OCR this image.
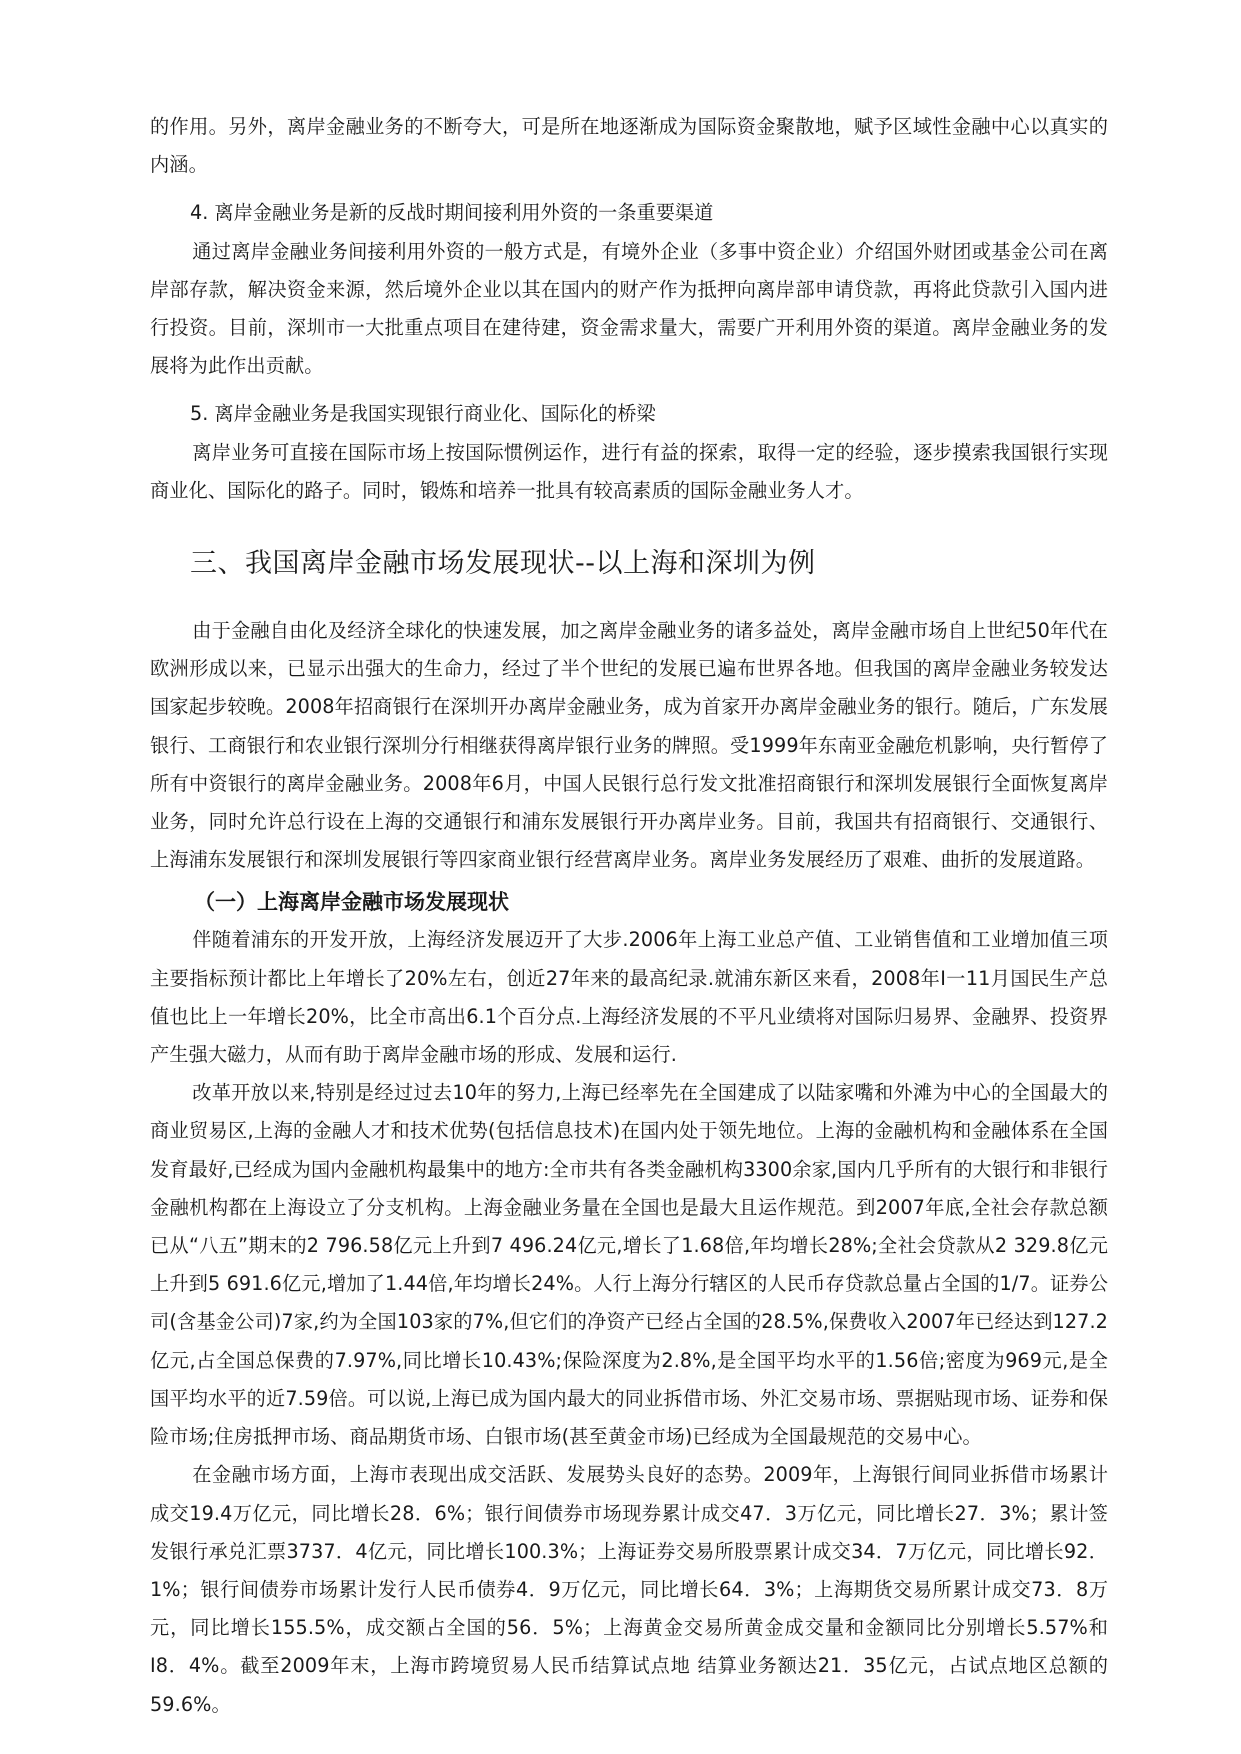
的作用。另外，离岸金融业务的不断夸大，可是所在地逐渐成为国际资金聚散地，赋予区域性金融中心以真实的内涵。

4. 离岸金融业务是新的反战时期间接利用外资的一条重要渠道

通过离岸金融业务间接利用外资的一般方式是，有境外企业（多事中资企业）介绍国外财团或基金公司在离岸部存款，解决资金来源，然后境外企业以其在国内的财产作为抵押向离岸部申请贷款，再将此贷款引入国内进行投资。目前，深圳市一大批重点项目在建待建，资金需求量大，需要广开利用外资的渠道。离岸金融业务的发展将为此作出贡献。

5. 离岸金融业务是我国实现银行商业化、国际化的桥梁

离岸业务可直接在国际市场上按国际惯例运作，进行有益的探索，取得一定的经验，逐步摸索我国银行实现商业化、国际化的路子。同时，锻炼和培养一批具有较高素质的国际金融业务人才。

三、我国离岸金融市场发展现状--以上海和深圳为例

由于金融自由化及经济全球化的快速发展，加之离岸金融业务的诸多益处，离岸金融市场自上世纪50年代在欧洲形成以来，已显示出强大的生命力，经过了半个世纪的发展已遍布世界各地。但我国的离岸金融业务较发达国家起步较晚。2008年招商银行在深圳开办离岸金融业务，成为首家开办离岸金融业务的银行。随后，广东发展银行、工商银行和农业银行深圳分行相继获得离岸银行业务的牌照。受1999年东南亚金融危机影响，央行暂停了所有中资银行的离岸金融业务。2008年6月，中国人民银行总行发文批准招商银行和深圳发展银行全面恢复离岸业务，同时允许总行设在上海的交通银行和浦东发展银行开办离岸业务。目前，我国共有招商银行、交通银行、上海浦东发展银行和深圳发展银行等四家商业银行经营离岸业务。离岸业务发展经历了艰难、曲折的发展道路。

（一）上海离岸金融市场发展现状

伴随着浦东的开发开放，上海经济发展迈开了大步.2006年上海工业总产值、工业销售值和工业增加值三项主要指标预计都比上年增长了20%左右，创近27年来的最高纪录.就浦东新区来看，2008年I一11月国民生产总值也比上一年增长20%，比全市高出6.1个百分点.上海经济发展的不平凡业绩将对国际归易界、金融界、投资界产生强大磁力，从而有助于离岸金融市场的形成、发展和运行.

改革开放以来,特别是经过过去10年的努力,上海已经率先在全国建成了以陆家嘴和外滩为中心的全国最大的商业贸易区,上海的金融人才和技术优势(包括信息技术)在国内处于领先地位。上海的金融机构和金融体系在全国发育最好,已经成为国内金融机构最集中的地方:全市共有各类金融机构3300余家,国内几乎所有的大银行和非银行金融机构都在上海设立了分支机构。上海金融业务量在全国也是最大且运作规范。到2007年底,全社会存款总额已从“八五”期末的2 796.58亿元上升到7 496.24亿元,增长了1.68倍,年均增长28%;全社会贷款从2 329.8亿元上升到5 691.6亿元,增加了1.44倍,年均增长24%。人行上海分行辖区的人民币存贷款总量占全国的1/7。证券公司(含基金公司)7家,约为全国103家的7%,但它们的净资产已经占全国的28.5%,保费收入2007年已经达到127.2亿元,占全国总保费的7.97%,同比增长10.43%;保险深度为2.8%,是全国平均水平的1.56倍;密度为969元,是全国平均水平的近7.59倍。可以说,上海已成为国内最大的同业拆借市场、外汇交易市场、票据贴现市场、证券和保险市场;住房抵押市场、商品期货市场、白银市场(甚至黄金市场)已经成为全国最规范的交易中心。

在金融市场方面，上海市表现出成交活跃、发展势头良好的态势。2009年，上海银行间同业拆借市场累计成交19.4万亿元，同比增长28．6%；银行间债券市场现券累计成交47．3万亿元，同比增长27．3%；累计签发银行承兑汇票3737．4亿元，同比增长100.3%；上海证券交易所股票累计成交34．7万亿元，同比增长92．1%；银行间债券市场累计发行人民币债券4．9万亿元，同比增长64．3%；上海期货交易所累计成交73．8万元，同比增长155.5%，成交额占全国的56．5%；上海黄金交易所黄金成交量和金额同比分别增长5.57%和I8．4%。截至2009年末，上海市跨境贸易人民币结算试点地 结算业务额达21．35亿元，占试点地区总额的59.6%。
